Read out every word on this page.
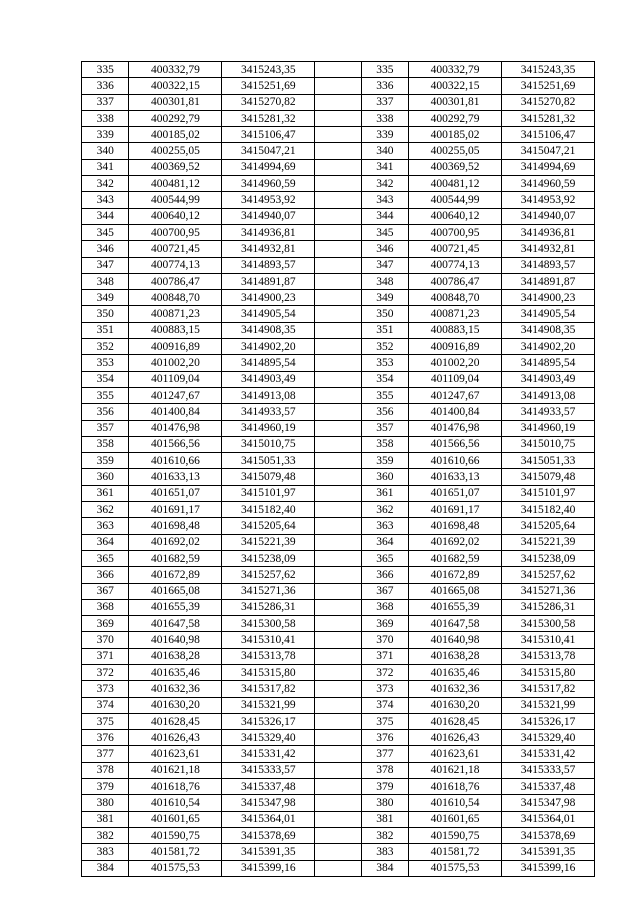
335	400332,79	3415243,35		335	400332,79	3415243,35
336	400322,15	3415251,69		336	400322,15	3415251,69
337	400301,81	3415270,82		337	400301,81	3415270,82
338	400292,79	3415281,32		338	400292,79	3415281,32
339	400185,02	3415106,47		339	400185,02	3415106,47
340	400255,05	3415047,21		340	400255,05	3415047,21
341	400369,52	3414994,69		341	400369,52	3414994,69
342	400481,12	3414960,59		342	400481,12	3414960,59
343	400544,99	3414953,92		343	400544,99	3414953,92
344	400640,12	3414940,07		344	400640,12	3414940,07
345	400700,95	3414936,81		345	400700,95	3414936,81
346	400721,45	3414932,81		346	400721,45	3414932,81
347	400774,13	3414893,57		347	400774,13	3414893,57
348	400786,47	3414891,87		348	400786,47	3414891,87
349	400848,70	3414900,23		349	400848,70	3414900,23
350	400871,23	3414905,54		350	400871,23	3414905,54
351	400883,15	3414908,35		351	400883,15	3414908,35
352	400916,89	3414902,20		352	400916,89	3414902,20
353	401002,20	3414895,54		353	401002,20	3414895,54
354	401109,04	3414903,49		354	401109,04	3414903,49
355	401247,67	3414913,08		355	401247,67	3414913,08
356	401400,84	3414933,57		356	401400,84	3414933,57
357	401476,98	3414960,19		357	401476,98	3414960,19
358	401566,56	3415010,75		358	401566,56	3415010,75
359	401610,66	3415051,33		359	401610,66	3415051,33
360	401633,13	3415079,48		360	401633,13	3415079,48
361	401651,07	3415101,97		361	401651,07	3415101,97
362	401691,17	3415182,40		362	401691,17	3415182,40
363	401698,48	3415205,64		363	401698,48	3415205,64
364	401692,02	3415221,39		364	401692,02	3415221,39
365	401682,59	3415238,09		365	401682,59	3415238,09
366	401672,89	3415257,62		366	401672,89	3415257,62
367	401665,08	3415271,36		367	401665,08	3415271,36
368	401655,39	3415286,31		368	401655,39	3415286,31
369	401647,58	3415300,58		369	401647,58	3415300,58
370	401640,98	3415310,41		370	401640,98	3415310,41
371	401638,28	3415313,78		371	401638,28	3415313,78
372	401635,46	3415315,80		372	401635,46	3415315,80
373	401632,36	3415317,82		373	401632,36	3415317,82
374	401630,20	3415321,99		374	401630,20	3415321,99
375	401628,45	3415326,17		375	401628,45	3415326,17
376	401626,43	3415329,40		376	401626,43	3415329,40
377	401623,61	3415331,42		377	401623,61	3415331,42
378	401621,18	3415333,57		378	401621,18	3415333,57
379	401618,76	3415337,48		379	401618,76	3415337,48
380	401610,54	3415347,98		380	401610,54	3415347,98
381	401601,65	3415364,01		381	401601,65	3415364,01
382	401590,75	3415378,69		382	401590,75	3415378,69
383	401581,72	3415391,35		383	401581,72	3415391,35
384	401575,53	3415399,16		384	401575,53	3415399,16
